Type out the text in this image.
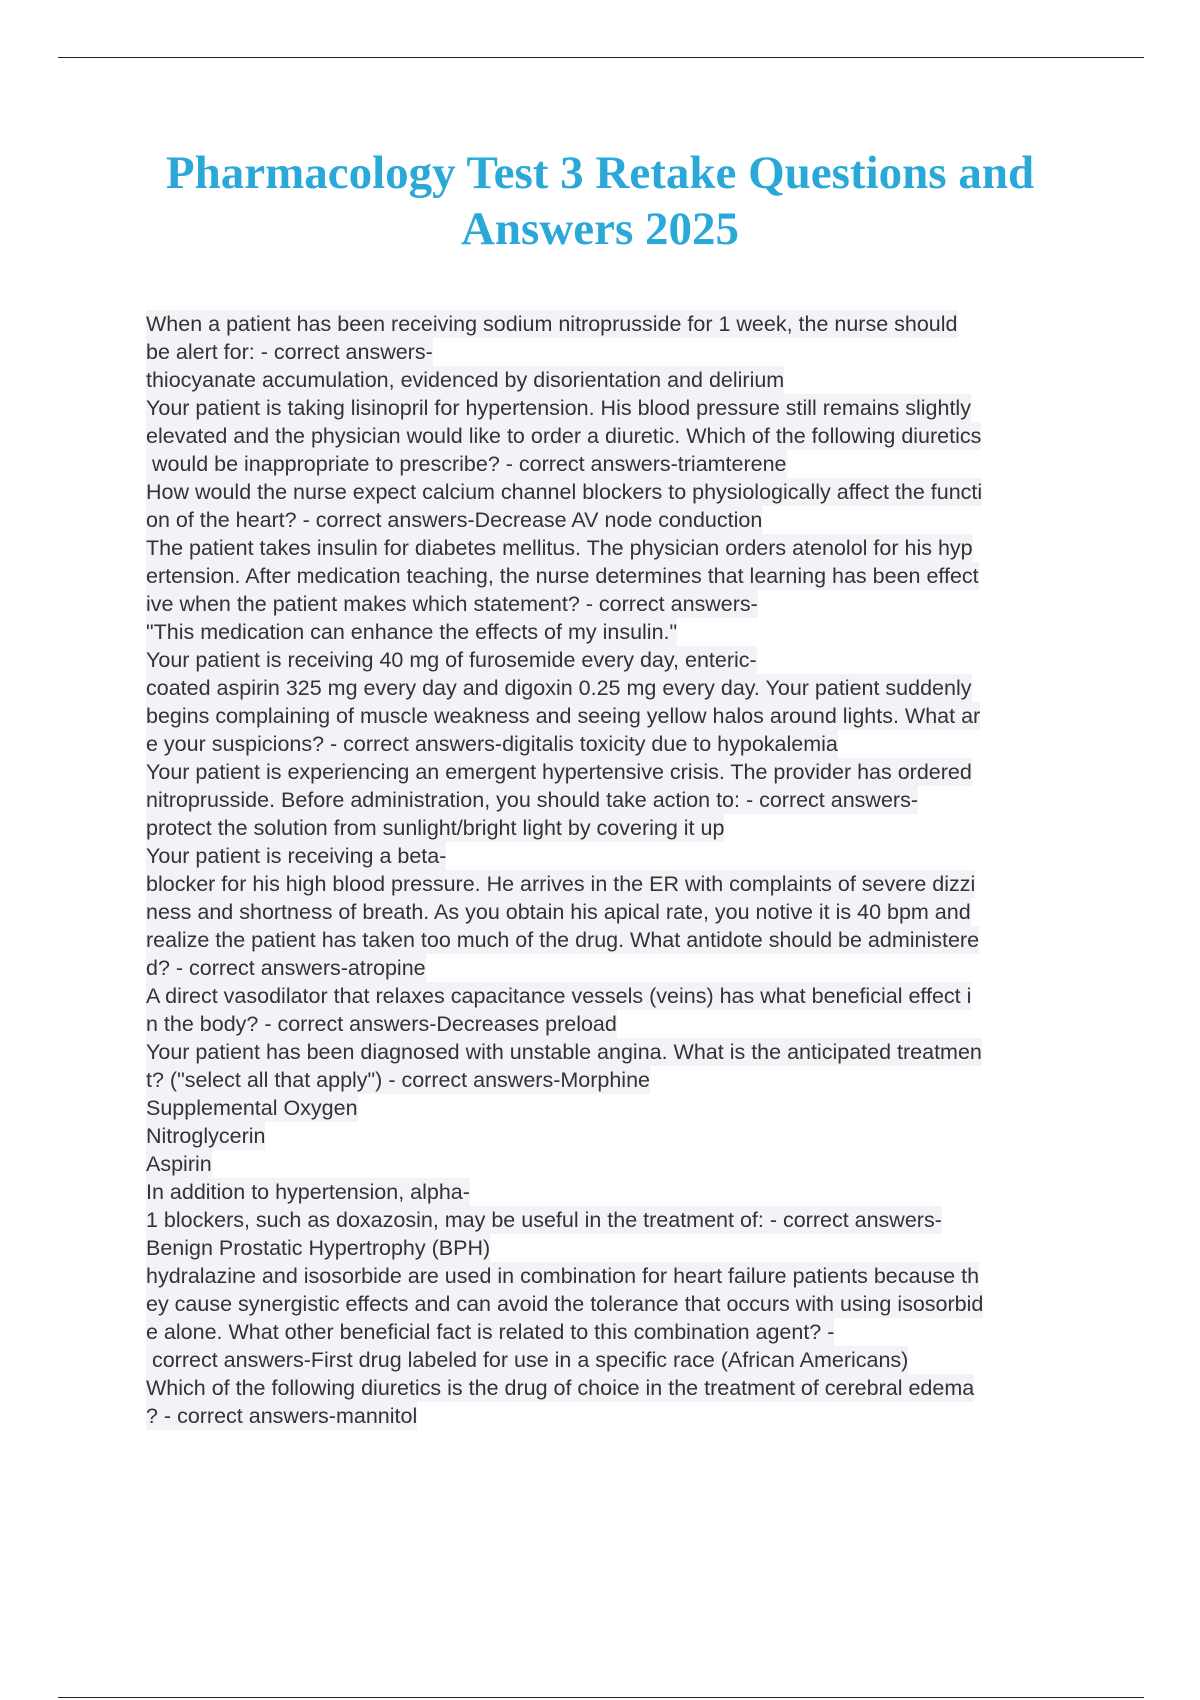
Pharmacology Test 3 Retake Questions and
Answers 2025
When a patient has been receiving sodium nitroprusside for 1 week, the nurse should
be alert for: - correct answers-
thiocyanate accumulation, evidenced by disorientation and delirium
Your patient is taking lisinopril for hypertension. His blood pressure still remains slightly
elevated and the physician would like to order a diuretic. Which of the following diuretics
would be inappropriate to prescribe? - correct answers-triamterene
How would the nurse expect calcium channel blockers to physiologically affect the functi
on of the heart? - correct answers-Decrease AV node conduction
The patient takes insulin for diabetes mellitus. The physician orders atenolol for his hyp
ertension. After medication teaching, the nurse determines that learning has been effect
ive when the patient makes which statement? - correct answers-
"This medication can enhance the effects of my insulin."
Your patient is receiving 40 mg of furosemide every day, enteric-
coated aspirin 325 mg every day and digoxin 0.25 mg every day. Your patient suddenly
begins complaining of muscle weakness and seeing yellow halos around lights. What ar
e your suspicions? - correct answers-digitalis toxicity due to hypokalemia
Your patient is experiencing an emergent hypertensive crisis. The provider has ordered
nitroprusside. Before administration, you should take action to: - correct answers-
protect the solution from sunlight/bright light by covering it up
Your patient is receiving a beta-
blocker for his high blood pressure. He arrives in the ER with complaints of severe dizzi
ness and shortness of breath. As you obtain his apical rate, you notive it is 40 bpm and
realize the patient has taken too much of the drug. What antidote should be administere
d? - correct answers-atropine
A direct vasodilator that relaxes capacitance vessels (veins) has what beneficial effect i
n the body? - correct answers-Decreases preload
Your patient has been diagnosed with unstable angina. What is the anticipated treatmen
t? ("select all that apply") - correct answers-Morphine
Supplemental Oxygen
Nitroglycerin
Aspirin
In addition to hypertension, alpha-
1 blockers, such as doxazosin, may be useful in the treatment of: - correct answers-
Benign Prostatic Hypertrophy (BPH)
hydralazine and isosorbide are used in combination for heart failure patients because th
ey cause synergistic effects and can avoid the tolerance that occurs with using isosorbid
e alone. What other beneficial fact is related to this combination agent? -
correct answers-First drug labeled for use in a specific race (African Americans)
Which of the following diuretics is the drug of choice in the treatment of cerebral edema
? - correct answers-mannitol
